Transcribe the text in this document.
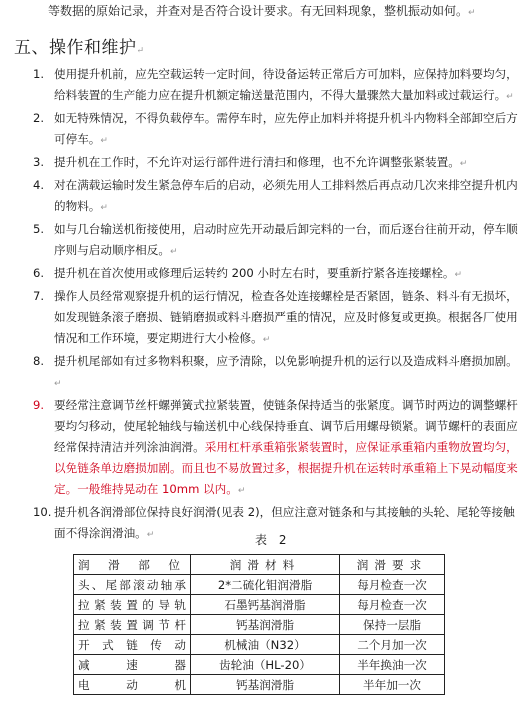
等数据的原始记录，并查对是否符合设计要求。有无回料现象，整机振动如何。↵
五、操作和维护↵
1. 使用提升机前，应先空载运转一定时间，待设备运转正常后方可加料，应保持加料要均匀，给料装置的生产能力应在提升机额定输送量范围内，不得大量骤然大量加料或过载运行。↵
2. 如无特殊情况，不得负载停车。需停车时，应先停止加料并将提升机斗内物料全部卸空后方可停车。↵
3. 提升机在工作时，不允许对运行部件进行清扫和修理，也不允许调整张紧装置。↵
4. 对在满载运输时发生紧急停车后的启动，必须先用人工排料然后再点动几次来排空提升机内的物料。↵
5. 如与几台输送机衔接使用，启动时应先开动最后卸完料的一台，而后逐台往前开动，停车顺序则与启动顺序相反。↵
6. 提升机在首次使用或修理后运转约 200 小时左右时，要重新拧紧各连接螺栓。↵
7. 操作人员经常观察提升机的运行情况，检查各处连接螺栓是否紧固，链条、料斗有无损坏，如发现链条滚子磨损、链销磨损或料斗磨损严重的情况，应及时修复或更换。根据各厂使用情况和工作环境，要定期进行大小检修。↵
8. 提升机尾部如有过多物料积聚，应予清除，以免影响提升机的运行以及造成料斗磨损加剧。↵
9. 要经常注意调节丝杆螺弹簧式拉紧装置，使链条保持适当的张紧度。调节时两边的调整螺杆要均匀移动，使尾轮轴线与输送机中心线保持垂直、调节后用螺母锁紧。调节螺杆的表面应经常保持清洁并列涂油润滑。采用杠杆承重箱张紧装置时，应保证承重箱内重物放置均匀，以免链条单边磨损加剧。而且也不易放置过多，根据提升机在运转时承重箱上下晃动幅度来定。一般维持晃动在 10mm 以内。↵
10. 提升机各润滑部位保持良好润滑(见表 2)，但应注意对链条和与其接触的头轮、尾轮等接触面不得涂润滑油。↵	表 2
润滑部位	润滑材料	润滑要求
头、尾部滚动轴承	2*二硫化钼润滑脂	每月检查一次
拉紧装置的导轨	石墨钙基润滑脂	每月检查一次
拉紧装置调节杆	钙基润滑脂	保持一层脂
开式链传动	机械油（N32）	二个月加一次
减速器	齿轮油（HL-20）	半年换油一次
电动机	钙基润滑脂	半年加一次
